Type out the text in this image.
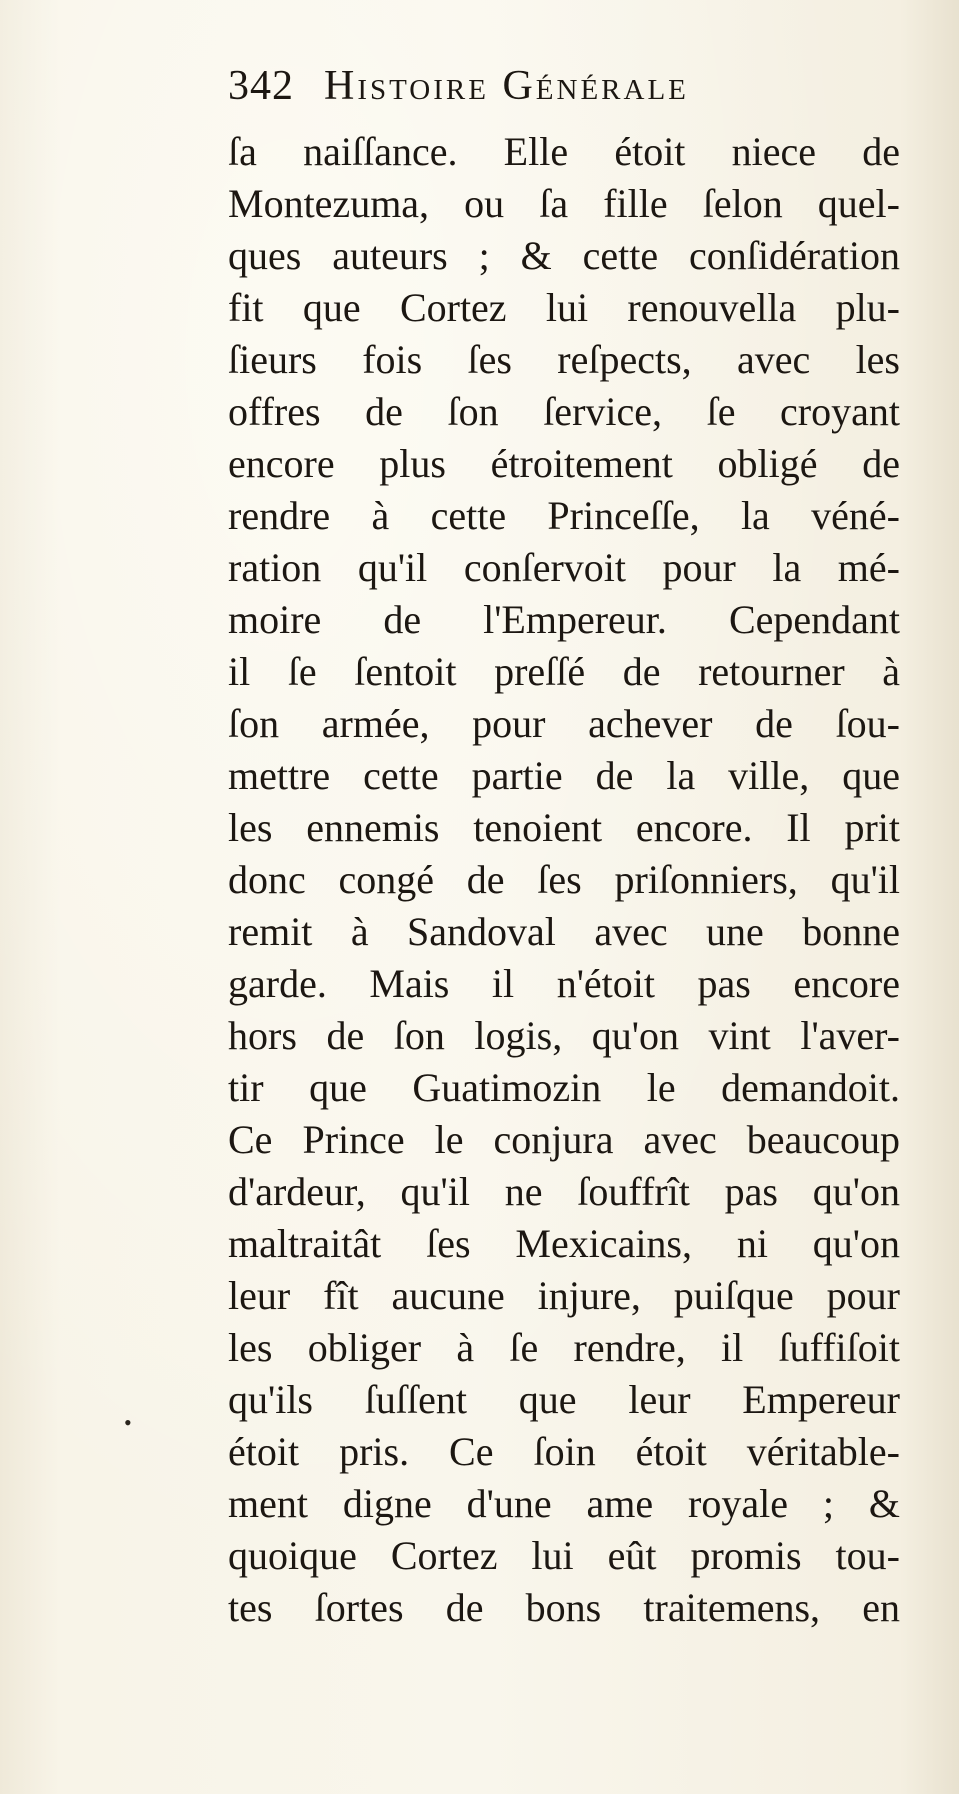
342 Histoire Générale
ſa naiſſance. Elle étoit niece de
Montezuma, ou ſa fille ſelon quel-
ques auteurs ; & cette conſidération
fit que Cortez lui renouvella plu-
ſieurs fois ſes reſpects, avec les
offres de ſon ſervice, ſe croyant
encore plus étroitement obligé de
rendre à cette Princeſſe, la véné-
ration qu'il conſervoit pour la mé-
moire de l'Empereur. Cependant
il ſe ſentoit preſſé de retourner à
ſon armée, pour achever de ſou-
mettre cette partie de la ville, que
les ennemis tenoient encore. Il prit
donc congé de ſes priſonniers, qu'il
remit à Sandoval avec une bonne
garde. Mais il n'étoit pas encore
hors de ſon logis, qu'on vint l'aver-
tir que Guatimozin le demandoit.
Ce Prince le conjura avec beaucoup
d'ardeur, qu'il ne ſouffrît pas qu'on
maltraitât ſes Mexicains, ni qu'on
leur fît aucune injure, puiſque pour
les obliger à ſe rendre, il ſuffiſoit
qu'ils ſuſſent que leur Empereur
étoit pris. Ce ſoin étoit véritable-
ment digne d'une ame royale ; &
quoique Cortez lui eût promis tou-
tes ſortes de bons traitemens, en
•
